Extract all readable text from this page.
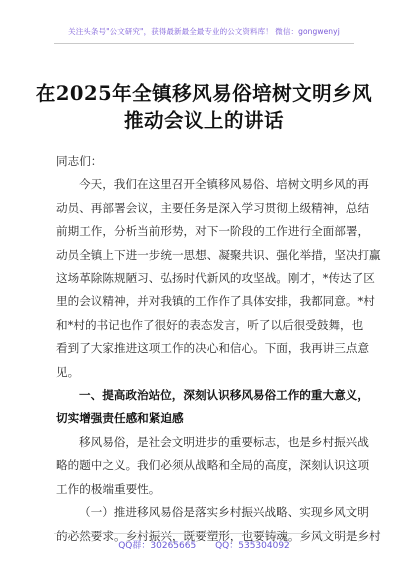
关注头条号"公文研究"，获得最新最全最专业的公文资料库！ 微信：gongwenyj
在2025年全镇移风易俗培树文明乡风
推动会议上的讲话

同志们：

今天，我们在这里召开全镇移风易俗、培树文明乡风的再

动员、再部署会议，主要任务是深入学习贯彻上级精神，总结

前期工作，分析当前形势，对下一阶段的工作进行全面部署，

动员全镇上下进一步统一思想、凝聚共识、强化举措，坚决打赢

这场革除陈规陋习、弘扬时代新风的攻坚战。刚才，*传达了区

里的会议精神，并对我镇的工作作了具体安排，我都同意。*村

和*村的书记也作了很好的表态发言，听了以后很受鼓舞，也

看到了大家推进这项工作的决心和信心。下面，我再讲三点意

见。

一、提高政治站位，深刻认识移风易俗工作的重大意义，

切实增强责任感和紧迫感

移风易俗，是社会文明进步的重要标志，也是乡村振兴战

略的题中之义。我们必须从战略和全局的高度，深刻认识这项

工作的极端重要性。

（一）推进移风易俗是落实乡村振兴战略、实现乡风文明

的必然要求。乡村振兴，既要塑形，也要铸魂。乡风文明是乡村

QQ群：30265665 QQ：535304092
